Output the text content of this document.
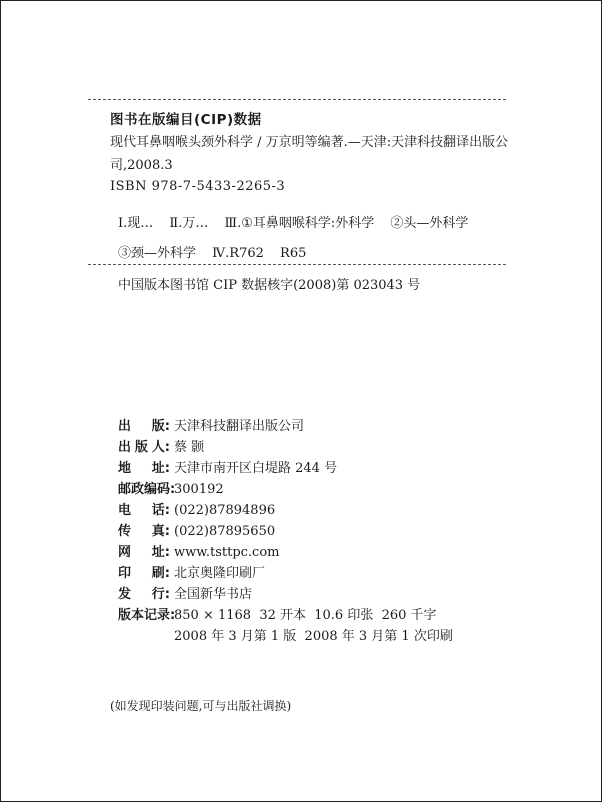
图书在版编目(CIP)数据
现代耳鼻咽喉头颈外科学 / 万京明等编著.—天津:天津科技翻译出版公司,2008.3
ISBN 978-7-5433-2265-3
Ⅰ.现… Ⅱ.万… Ⅲ.①耳鼻咽喉科学:外科学 ②头—外科学
③颈—外科学 Ⅳ.R762 R65
中国版本图书馆 CIP 数据核字(2008)第 023043 号
出 版: 天津科技翻译出版公司
出 版 人: 蔡 颢
地 址: 天津市南开区白堤路 244 号
邮政编码:
300192
电 话: (022)87894896
传 真: (022)87895650
网 址: www.tsttpc.com
印 刷: 北京奥隆印刷厂
发 行: 全国新华书店
版本记录:
850 × 1168  32 开本  10.6 印张  260 千字
2008 年 3 月第 1 版  2008 年 3 月第 1 次印刷
(如发现印装问题,可与出版社调换)
